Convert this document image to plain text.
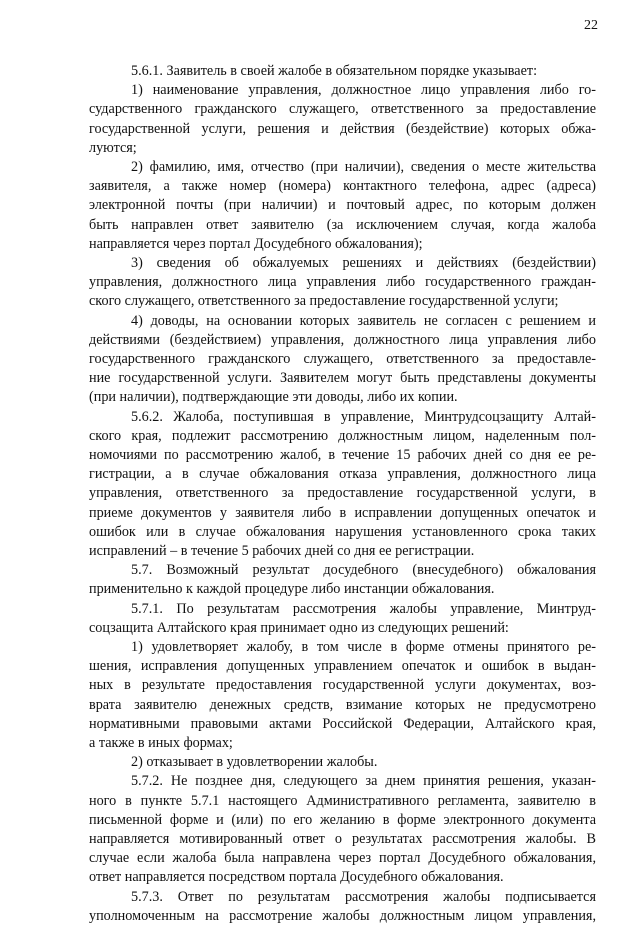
22
5.6.1. Заявитель в своей жалобе в обязательном порядке указывает:
1) наименование управления, должностное лицо управления либо го-
сударственного гражданского служащего, ответственного за предоставление
государственной услуги, решения и действия (бездействие) которых обжа-
луются;
2) фамилию, имя, отчество (при наличии), сведения о месте жительства
заявителя, а также номер (номера) контактного телефона, адрес (адреса)
электронной почты (при наличии) и почтовый адрес, по которым должен
быть направлен ответ заявителю (за исключением случая, когда жалоба
направляется через портал Досудебного обжалования);
3) сведения об обжалуемых решениях и действиях (бездействии)
управления, должностного лица управления либо государственного граждан-
ского служащего, ответственного за предоставление государственной услуги;
4) доводы, на основании которых заявитель не согласен с решением и
действиями (бездействием) управления, должностного лица управления либо
государственного гражданского служащего, ответственного за предоставле-
ние государственной услуги. Заявителем могут быть представлены документы
(при наличии), подтверждающие эти доводы, либо их копии.
5.6.2. Жалоба, поступившая в управление, Минтрудсоцзащиту Алтай-
ского края, подлежит рассмотрению должностным лицом, наделенным пол-
номочиями по рассмотрению жалоб, в течение 15 рабочих дней со дня ее ре-
гистрации, а в случае обжалования отказа управления, должностного лица
управления, ответственного за предоставление государственной услуги, в
приеме документов у заявителя либо в исправлении допущенных опечаток и
ошибок или в случае обжалования нарушения установленного срока таких
исправлений – в течение 5 рабочих дней со дня ее регистрации.
5.7. Возможный результат досудебного (внесудебного) обжалования
применительно к каждой процедуре либо инстанции обжалования.
5.7.1. По результатам рассмотрения жалобы управление, Минтруд-
соцзащита Алтайского края принимает одно из следующих решений:
1) удовлетворяет жалобу, в том числе в форме отмены принятого ре-
шения, исправления допущенных управлением опечаток и ошибок в выдан-
ных в результате предоставления государственной услуги документах, воз-
врата заявителю денежных средств, взимание которых не предусмотрено
нормативными правовыми актами Российской Федерации, Алтайского края,
а также в иных формах;
2) отказывает в удовлетворении жалобы.
5.7.2. Не позднее дня, следующего за днем принятия решения, указан-
ного в пункте 5.7.1 настоящего Административного регламента, заявителю в
письменной форме и (или) по его желанию в форме электронного документа
направляется мотивированный ответ о результатах рассмотрения жалобы. В
случае если жалоба была направлена через портал Досудебного обжалования,
ответ направляется посредством портала Досудебного обжалования.
5.7.3. Ответ по результатам рассмотрения жалобы подписывается
уполномоченным на рассмотрение жалобы должностным лицом управления,
